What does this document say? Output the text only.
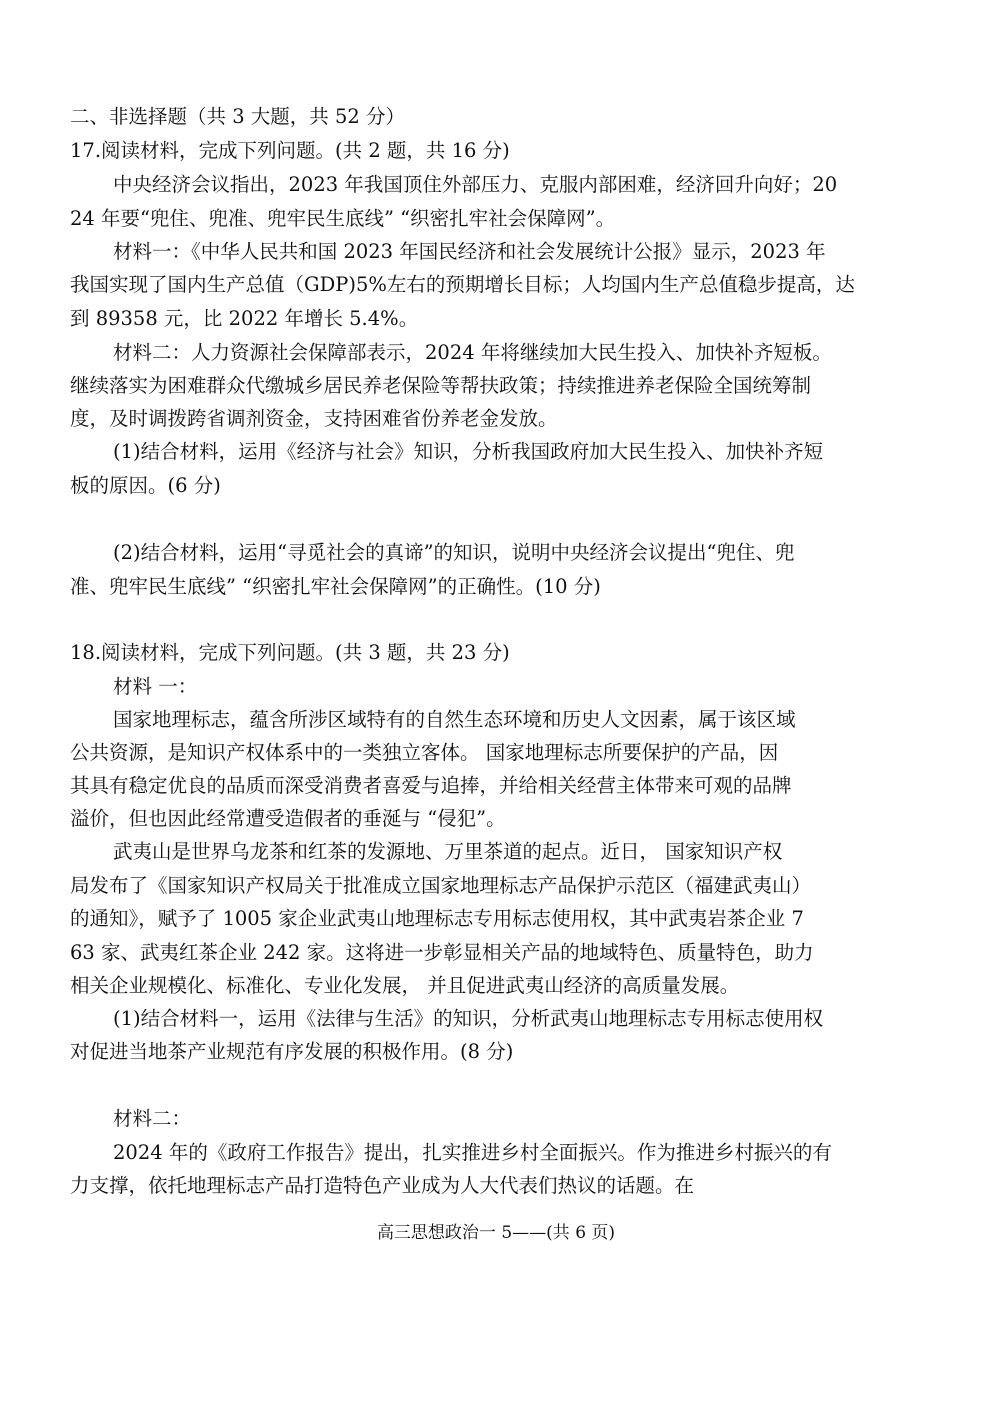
二、非选择题（共 3 大题，共 52 分）
17.阅读材料，完成下列问题。(共 2 题，共 16 分)
中央经济会议指出，2023 年我国顶住外部压力、克服内部困难，经济回升向好；20
24 年要“兜住、兜准、兜牢民生底线” “织密扎牢社会保障网”。
材料一：《中华人民共和国 2023 年国民经济和社会发展统计公报》显示，2023 年
我国实现了国内生产总值（GDP)5%左右的预期增长目标；人均国内生产总值稳步提高，达
到 89358 元，比 2022 年增长 5.4%。
材料二：人力资源社会保障部表示，2024 年将继续加大民生投入、加快补齐短板。
继续落实为困难群众代缴城乡居民养老保险等帮扶政策；持续推进养老保险全国统筹制
度，及时调拨跨省调剂资金，支持困难省份养老金发放。
(1)结合材料，运用《经济与社会》知识，分析我国政府加大民生投入、加快补齐短
板的原因。(6 分)
(2)结合材料，运用“寻觅社会的真谛”的知识，说明中央经济会议提出“兜住、兜
准、兜牢民生底线” “织密扎牢社会保障网”的正确性。(10 分)
18.阅读材料，完成下列问题。(共 3 题，共 23 分)
材料 一：
国家地理标志，蕴含所涉区域特有的自然生态环境和历史人文因素，属于该区域
公共资源，是知识产权体系中的一类独立客体。 国家地理标志所要保护的产品，因
其具有稳定优良的品质而深受消费者喜爱与追捧，并给相关经营主体带来可观的品牌
溢价，但也因此经常遭受造假者的垂涎与 “侵犯”。
武夷山是世界乌龙茶和红茶的发源地、万里茶道的起点。近日， 国家知识产权
局发布了《国家知识产权局关于批准成立国家地理标志产品保护示范区（福建武夷山）
的通知》，赋予了 1005 家企业武夷山地理标志专用标志使用权，其中武夷岩茶企业 7
63 家、武夷红茶企业 242 家。这将进一步彰显相关产品的地域特色、质量特色，助力
相关企业规模化、标准化、专业化发展， 并且促进武夷山经济的高质量发展。
(1)结合材料一，运用《法律与生活》的知识，分析武夷山地理标志专用标志使用权
对促进当地茶产业规范有序发展的积极作用。(8 分)
材料二：
2024 年的《政府工作报告》提出，扎实推进乡村全面振兴。作为推进乡村振兴的有
力支撑，依托地理标志产品打造特色产业成为人大代表们热议的话题。在
高三思想政治一 5——(共 6 页)
